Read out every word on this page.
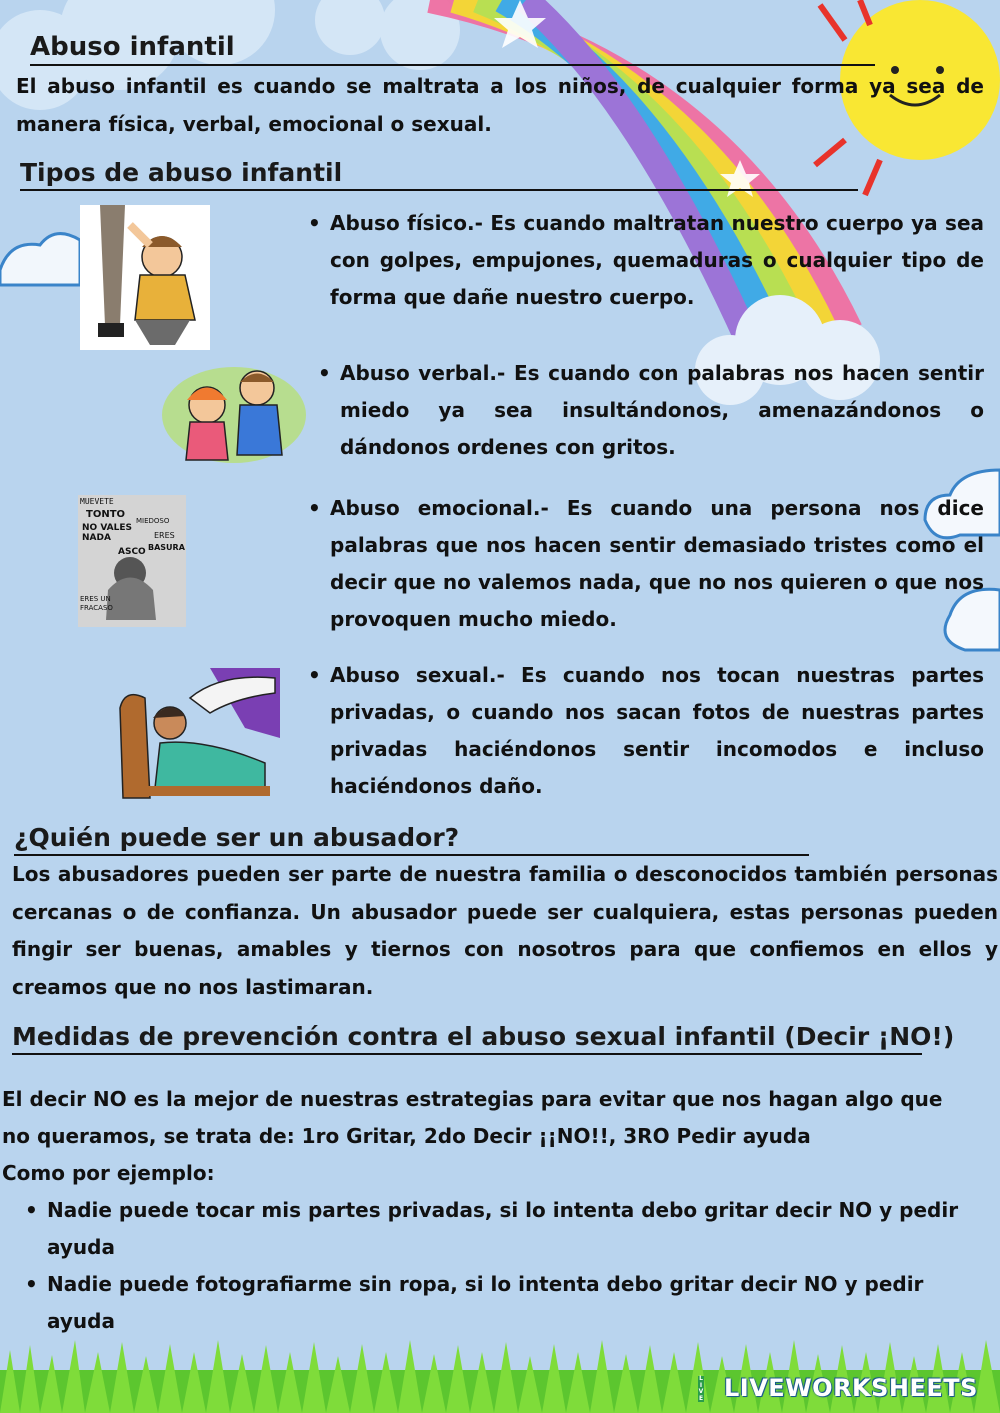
Abuso infantil
El abuso infantil es cuando se maltrata a los niños, de cualquier forma ya sea de manera física, verbal, emocional o sexual.
Tipos de abuso infantil
• Abuso físico.- Es cuando maltratan nuestro cuerpo ya sea con golpes, empujones, quemaduras o cualquier tipo de forma que dañe nuestro cuerpo.
• Abuso verbal.- Es cuando con palabras nos hacen sentir miedo ya sea insultándonos, amenazándonos o dándonos ordenes con gritos.
MUEVETE
TONTO
NO VALES NADA
MIEDOSO
ERES
BASURA
ASCO
ERES UN FRACASO
• Abuso emocional.- Es cuando una persona nos dice palabras que nos hacen sentir demasiado tristes como el decir que no valemos nada, que no nos quieren o que nos provoquen mucho miedo.
• Abuso sexual.- Es cuando nos tocan nuestras partes privadas, o cuando nos sacan fotos de nuestras partes privadas haciéndonos sentir incomodos e incluso haciéndonos daño.
¿Quién puede ser un abusador?
Los abusadores pueden ser parte de nuestra familia o desconocidos también personas cercanas o de confianza. Un abusador puede ser cualquiera, estas personas pueden fingir ser buenas, amables y tiernos con nosotros para que confiemos en ellos y creamos que no nos lastimaran.
Medidas de prevención contra el abuso sexual infantil (Decir ¡NO!)
El decir NO es la mejor de nuestras estrategias para evitar que nos hagan algo que
no queramos, se trata de: 1ro Gritar, 2do Decir ¡¡NO!!, 3RO Pedir ayuda
Como por ejemplo:
• Nadie puede tocar mis partes privadas, si lo intenta debo gritar decir NO y pedir ayuda
• Nadie puede fotografiarme sin ropa, si lo intenta debo gritar decir NO y pedir ayuda
LIVE LIVEWORKSHEETS
